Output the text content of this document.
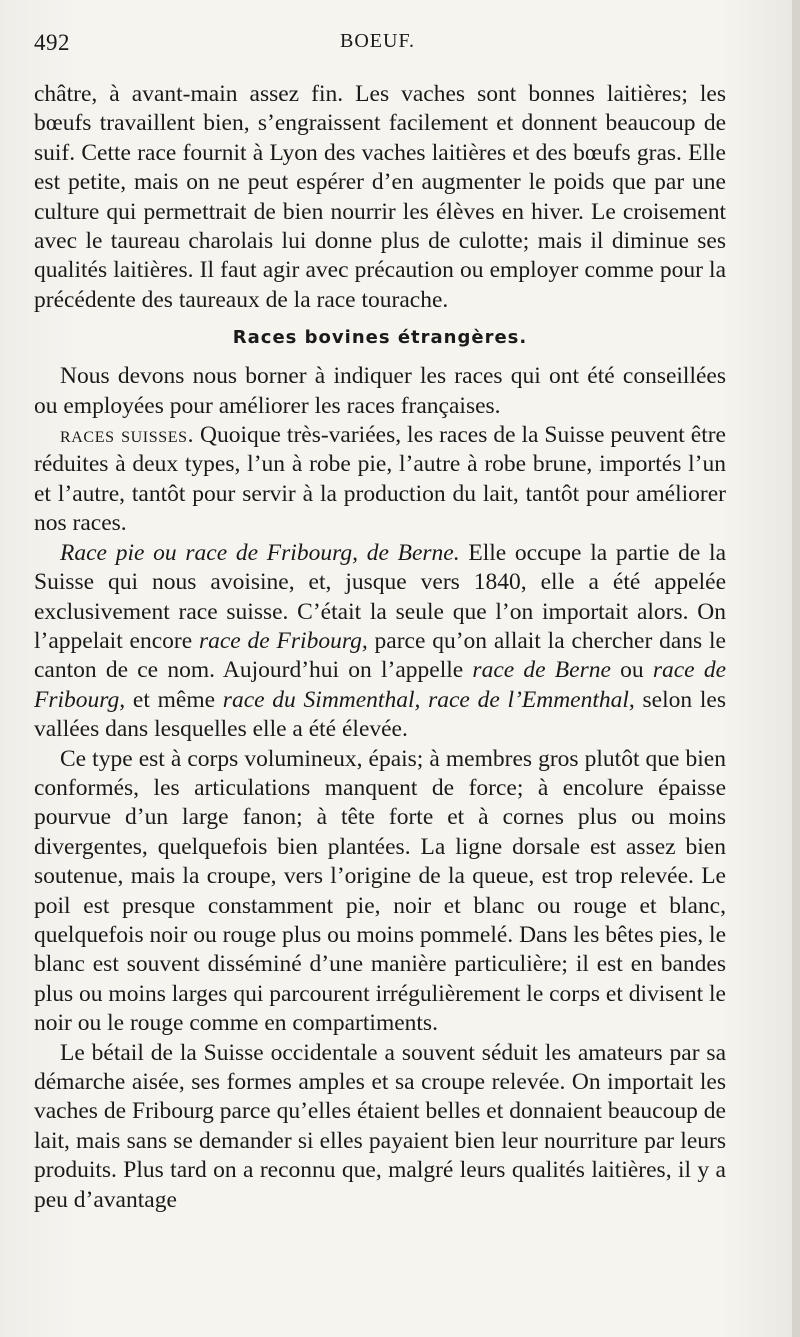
492	BOEUF.

châtre, à avant-main assez fin. Les vaches sont bonnes laitières; les bœufs travaillent bien, s’engraissent facilement et donnent beaucoup de suif. Cette race fournit à Lyon des vaches laitières et des bœufs gras. Elle est petite, mais on ne peut espérer d’en augmenter le poids que par une culture qui permettrait de bien nourrir les élèves en hiver. Le croisement avec le taureau charolais lui donne plus de culotte; mais il diminue ses qualités laitières. Il faut agir avec précaution ou employer comme pour la précédente des taureaux de la race tourache.

Races bovines étrangères.

Nous devons nous borner à indiquer les races qui ont été conseillées ou employées pour améliorer les races françaises.

races suisses. Quoique très-variées, les races de la Suisse peuvent être réduites à deux types, l’un à robe pie, l’autre à robe brune, importés l’un et l’autre, tantôt pour servir à la production du lait, tantôt pour améliorer nos races.

Race pie ou race de Fribourg, de Berne. Elle occupe la partie de la Suisse qui nous avoisine, et, jusque vers 1840, elle a été appelée exclusivement race suisse. C’était la seule que l’on importait alors. On l’appelait encore race de Fribourg, parce qu’on allait la chercher dans le canton de ce nom. Aujourd’hui on l’appelle race de Berne ou race de Fribourg, et même race du Simmenthal, race de l’Emmenthal, selon les vallées dans lesquelles elle a été élevée.

Ce type est à corps volumineux, épais; à membres gros plutôt que bien conformés, les articulations manquent de force; à encolure épaisse pourvue d’un large fanon; à tête forte et à cornes plus ou moins divergentes, quelquefois bien plantées. La ligne dorsale est assez bien soutenue, mais la croupe, vers l’origine de la queue, est trop relevée. Le poil est presque constamment pie, noir et blanc ou rouge et blanc, quelquefois noir ou rouge plus ou moins pommelé. Dans les bêtes pies, le blanc est souvent disséminé d’une manière particulière; il est en bandes plus ou moins larges qui parcourent irrégulièrement le corps et divisent le noir ou le rouge comme en compartiments.

Le bétail de la Suisse occidentale a souvent séduit les amateurs par sa démarche aisée, ses formes amples et sa croupe relevée. On importait les vaches de Fribourg parce qu’elles étaient belles et donnaient beaucoup de lait, mais sans se demander si elles payaient bien leur nourriture par leurs produits. Plus tard on a reconnu que, malgré leurs qualités laitières, il y a peu d’avantage
